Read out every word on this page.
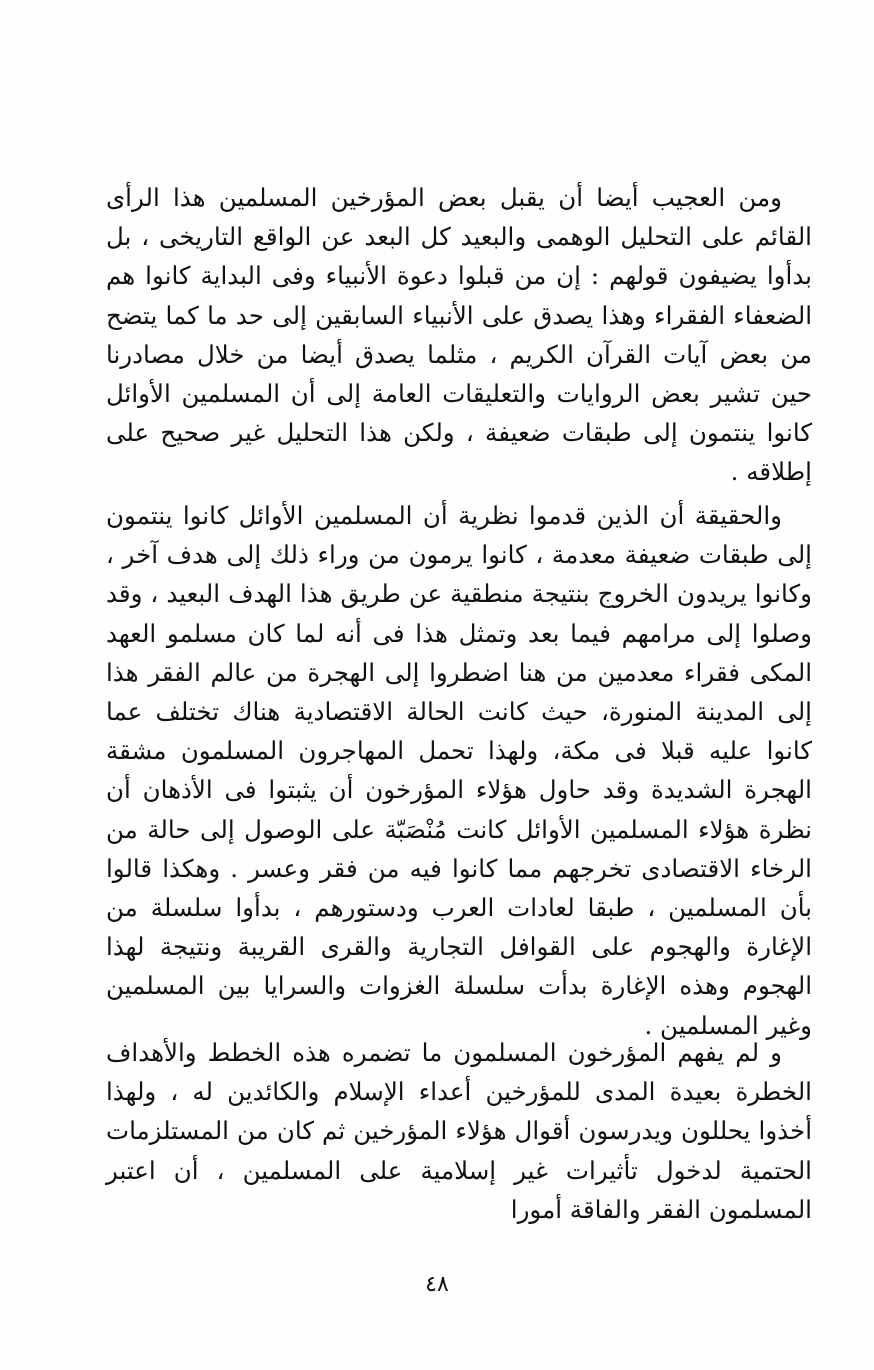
ومن العجيب أيضا أن يقبل بعض المؤرخين المسلمين هذا الرأى القائم على التحليل الوهمى والبعيد كل البعد عن الواقع التاريخى ، بل بدأوا يضيفون قولهم : إن من قبلوا دعوة الأنبياء وفى البداية كانوا هم الضعفاء الفقراء وهذا يصدق على الأنبياء السابقين إلى حد ما كما يتضح من بعض آيات القرآن الكريم ، مثلما يصدق أيضا من خلال مصادرنا حين تشير بعض الروايات والتعليقات العامة إلى أن المسلمين الأوائل كانوا ينتمون إلى طبقات ضعيفة ، ولكن هذا التحليل غير صحيح على إطلاقه .

والحقيقة أن الذين قدموا نظرية أن المسلمين الأوائل كانوا ينتمون إلى طبقات ضعيفة معدمة ، كانوا يرمون من وراء ذلك إلى هدف آخر ، وكانوا يريدون الخروج بنتيجة منطقية عن طريق هذا الهدف البعيد ، وقد وصلوا إلى مرامهم فيما بعد وتمثل هذا فى أنه لما كان مسلمو العهد المكى فقراء معدمين من هنا اضطروا إلى الهجرة من عالم الفقر هذا إلى المدينة المنورة، حيث كانت الحالة الاقتصادية هناك تختلف عما كانوا عليه قبلا فى مكة، ولهذا تحمل المهاجرون المسلمون مشقة الهجرة الشديدة وقد حاول هؤلاء المؤرخون أن يثبتوا فى الأذهان أن نظرة هؤلاء المسلمين الأوائل كانت مُنْصَبّة على الوصول إلى حالة من الرخاء الاقتصادى تخرجهم مما كانوا فيه من فقر وعسر . وهكذا قالوا بأن المسلمين ، طبقا لعادات العرب ودستورهم ، بدأوا سلسلة من الإغارة والهجوم على القوافل التجارية والقرى القريبة ونتيجة لهذا الهجوم وهذه الإغارة بدأت سلسلة الغزوات والسرايا بين المسلمين وغير المسلمين .

و لم يفهم المؤرخون المسلمون ما تضمره هذه الخطط والأهداف الخطرة بعيدة المدى للمؤرخين أعداء الإسلام والكائدين له ، ولهذا أخذوا يحللون ويدرسون أقوال هؤلاء المؤرخين ثم كان من المستلزمات الحتمية لدخول تأثيرات غير إسلامية على المسلمين ، أن اعتبر المسلمون الفقر والفاقة أمورا

٤٨
